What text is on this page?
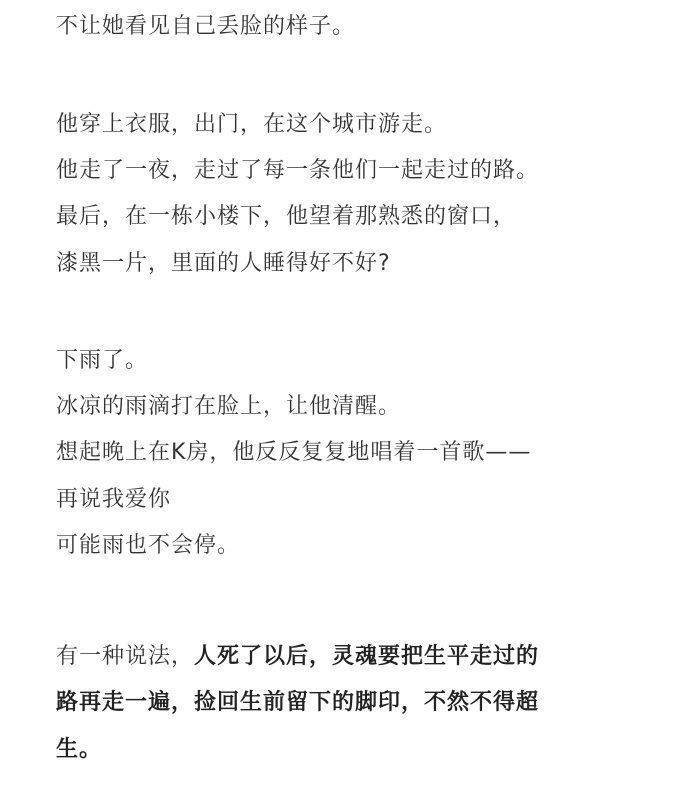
不让她看见自己丢脸的样子。
他穿上衣服，出门，在这个城市游走。
他走了一夜，走过了每一条他们一起走过的路。
最后，在一栋小楼下，他望着那熟悉的窗口，
漆黑一片，里面的人睡得好不好?
下雨了。
冰凉的雨滴打在脸上，让他清醒。
想起晚上在K房，他反反复复地唱着一首歌——
再说我爱你
可能雨也不会停。
有一种说法，人死了以后，灵魂要把生平走过的
路再走一遍，捡回生前留下的脚印，不然不得超
生。
